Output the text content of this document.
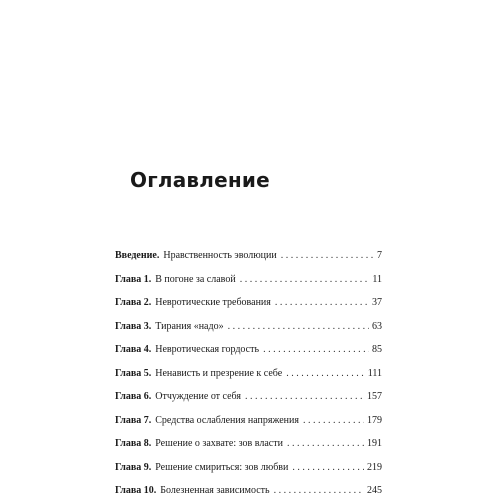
Оглавление
Введение. Нравственность эволюции . . .	7
Глава 1. В погоне за славой . . .	11
Глава 2. Невротические требования . . .	37
Глава 3. Тирания «надо» . . .	63
Глава 4. Невротическая гордость . . .	85
Глава 5. Ненависть и презрение к себе . . .	111
Глава 6. Отчуждение от себя . . .	157
Глава 7. Средства ослабления напряжения . . .	179
Глава 8. Решение о захвате: зов власти . . .	191
Глава 9. Решение смириться: зов любви . . .	219
Глава 10. Болезненная зависимость . . .	245
